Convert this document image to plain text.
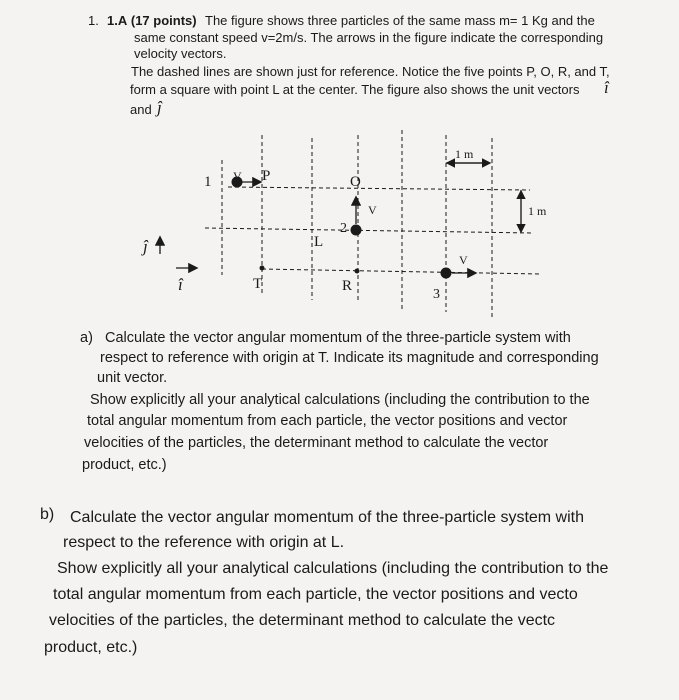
1. 1.A (17 points) The figure shows three particles of the same mass m= 1 Kg and the
same constant speed v=2m/s. The arrows in the figure indicate the corresponding
velocity vectors.
The dashed lines are shown just for reference. Notice the five points P, O, R, and T,
form a square with point L at the center. The figure also shows the unit vectors î
and ĵ
1 m
1 m
1 V P	O
2
V
L
T	R
V
3
ĵ
î
a) Calculate the vector angular momentum of the three-particle system with
respect to reference with origin at T. Indicate its magnitude and corresponding
unit vector.
Show explicitly all your analytical calculations (including the contribution to the
total angular momentum from each particle, the vector positions and vector
velocities of the particles, the determinant method to calculate the vector
product, etc.)
b) Calculate the vector angular momentum of the three-particle system with
respect to the reference with origin at L.
Show explicitly all your analytical calculations (including the contribution to the
total angular momentum from each particle, the vector positions and vecto
velocities of the particles, the determinant method to calculate the vectc
product, etc.)
